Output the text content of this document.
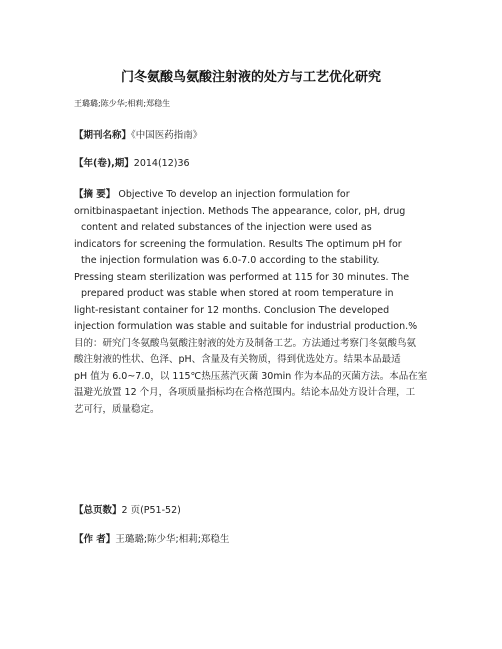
门冬氨酸鸟氨酸注射液的处方与工艺优化研究
王璐璐;陈少华;相莉;郑稳生
【期刊名称】《中国医药指南》
【年(卷),期】2014(12)36
【摘 要】 Objective To develop an injection formulation for
ornitbinaspaetant injection. Methods The appearance, color, pH, drug
content and related substances of the injection were used as
indicators for screening the formulation. Results The optimum pH for
the injection formulation was 6.0-7.0 according to the stability.
Pressing steam sterilization was performed at 115 for 30 minutes. The
prepared product was stable when stored at room temperature in
light-resistant container for 12 months. Conclusion The developed
injection formulation was stable and suitable for industrial production.%
目的：研究门冬氨酸鸟氨酸注射液的处方及制备工艺。方法通过考察门冬氨酸鸟氨
酸注射液的性状、色泽、pH、含量及有关物质，得到优选处方。结果本品最适
pH 值为 6.0~7.0，以 115℃热压蒸汽灭菌 30min 作为本品的灭菌方法。本品在室
温避光放置 12 个月，各项质量指标均在合格范围内。结论本品处方设计合理，工
艺可行，质量稳定。
【总页数】2 页(P51-52)
【作 者】王璐璐;陈少华;相莉;郑稳生
